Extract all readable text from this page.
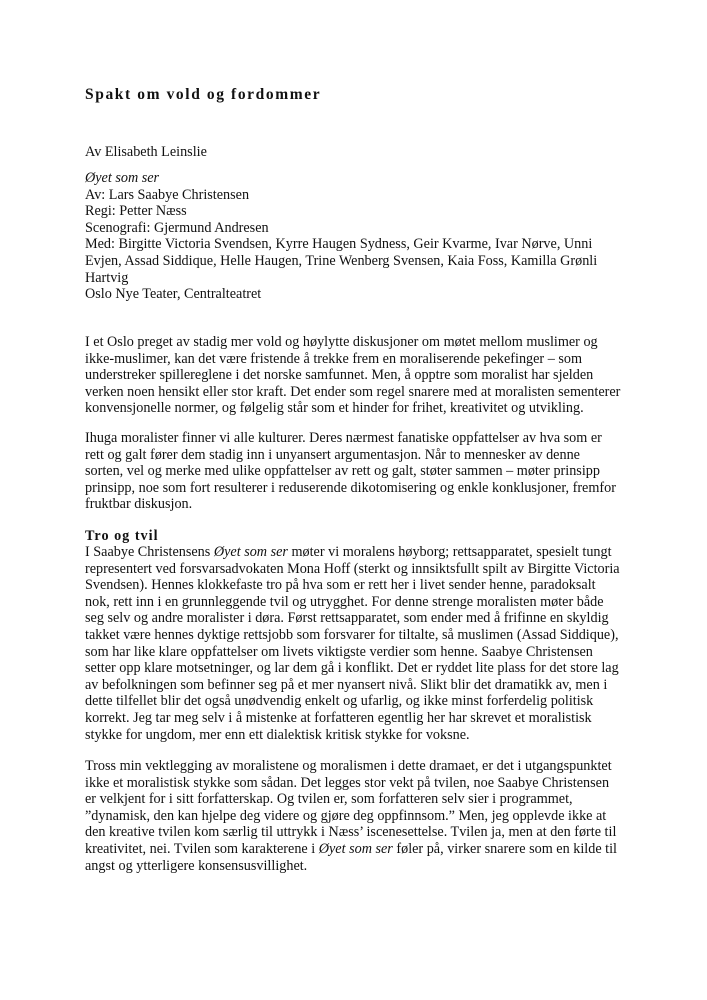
Spakt om vold og fordommer
Av Elisabeth Leinslie
Øyet som ser
Av: Lars Saabye Christensen
Regi: Petter Næss
Scenografi: Gjermund Andresen
Med: Birgitte Victoria Svendsen, Kyrre Haugen Sydness, Geir Kvarme, Ivar Nørve, Unni
Evjen, Assad Siddique, Helle Haugen, Trine Wenberg Svensen, Kaia Foss, Kamilla Grønli
Hartvig
Oslo Nye Teater, Centralteatret
I et Oslo preget av stadig mer vold og høylytte diskusjoner om møtet mellom muslimer og
ikke-muslimer, kan det være fristende å trekke frem en moraliserende pekefinger – som
understreker spillereglene i det norske samfunnet. Men, å opptre som moralist har sjelden
verken noen hensikt eller stor kraft. Det ender som regel snarere med at moralisten sementerer
konvensjonelle normer, og følgelig står som et hinder for frihet, kreativitet og utvikling.
Ihuga moralister finner vi alle kulturer. Deres nærmest fanatiske oppfattelser av hva som er
rett og galt fører dem stadig inn i unyansert argumentasjon. Når to mennesker av denne
sorten, vel og merke med ulike oppfattelser av rett og galt, støter sammen – møter prinsipp
prinsipp, noe som fort resulterer i reduserende dikotomisering og enkle konklusjoner, fremfor
fruktbar diskusjon.
Tro og tvil
I Saabye Christensens Øyet som ser møter vi moralens høyborg; rettsapparatet, spesielt tungt
representert ved forsvarsadvokaten Mona Hoff (sterkt og innsiktsfullt spilt av Birgitte Victoria
Svendsen). Hennes klokkefaste tro på hva som er rett her i livet sender henne, paradoksalt
nok, rett inn i en grunnleggende tvil og utrygghet. For denne strenge moralisten møter både
seg selv og andre moralister i døra. Først rettsapparatet, som ender med å frifinne en skyldig
takket være hennes dyktige rettsjobb som forsvarer for tiltalte, så muslimen (Assad Siddique),
som har like klare oppfattelser om livets viktigste verdier som henne. Saabye Christensen
setter opp klare motsetninger, og lar dem gå i konflikt. Det er ryddet lite plass for det store lag
av befolkningen som befinner seg på et mer nyansert nivå. Slikt blir det dramatikk av, men i
dette tilfellet blir det også unødvendig enkelt og ufarlig, og ikke minst forferdelig politisk
korrekt. Jeg tar meg selv i å mistenke at forfatteren egentlig her har skrevet et moralistisk
stykke for ungdom, mer enn ett dialektisk kritisk stykke for voksne.
Tross min vektlegging av moralistene og moralismen i dette dramaet, er det i utgangspunktet
ikke et moralistisk stykke som sådan. Det legges stor vekt på tvilen, noe Saabye Christensen
er velkjent for i sitt forfatterskap. Og tvilen er, som forfatteren selv sier i programmet,
”dynamisk, den kan hjelpe deg videre og gjøre deg oppfinnsom.” Men, jeg opplevde ikke at
den kreative tvilen kom særlig til uttrykk i Næss’ iscenesettelse. Tvilen ja, men at den førte til
kreativitet, nei. Tvilen som karakterene i Øyet som ser føler på, virker snarere som en kilde til
angst og ytterligere konsensusvillighet.
